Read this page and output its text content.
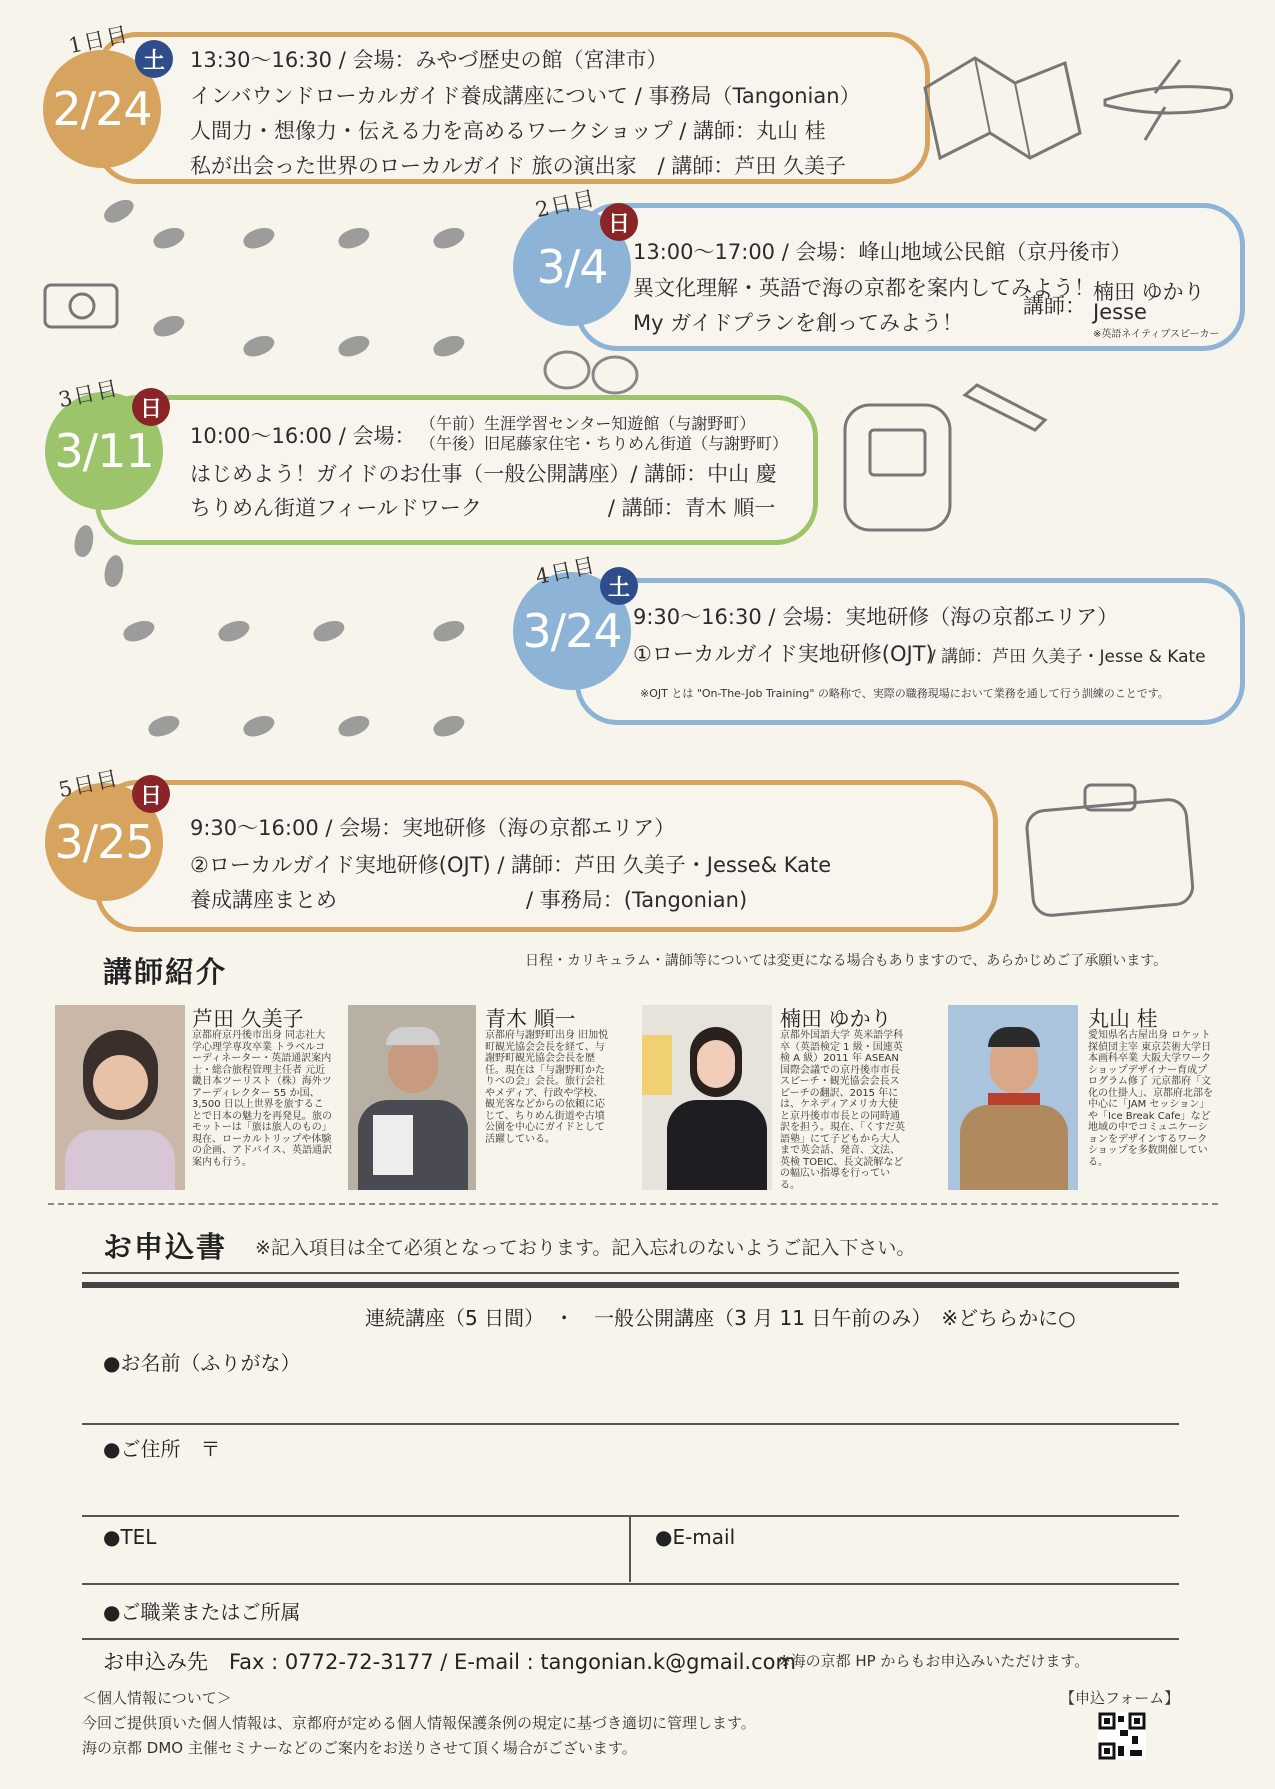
2/24
土
1日目
13:30〜16:30 / 会場：みやづ歴史の館（宮津市）
インバウンドローカルガイド養成講座について / 事務局（Tangonian）
人間力・想像力・伝える力を高めるワークショップ / 講師：丸山 桂
私が出会った世界のローカルガイド 旅の演出家　/ 講師：芦田 久美子
3/4
日
2日目
13:00〜17:00 / 会場：峰山地域公民館（京丹後市）
異文化理解・英語で海の京都を案内してみよう！
My ガイドプランを創ってみよう！
講師：
楠田 ゆかり
Jesse
※英語ネイティブスピーカー
3/11
日
3日目
10:00〜16:00 / 会場：
（午前）生涯学習センター知遊館（与謝野町）
（午後）旧尾藤家住宅・ちりめん街道（与謝野町）
はじめよう！ガイドのお仕事（一般公開講座）/ 講師：中山 慶
ちりめん街道フィールドワーク　　　　　　/ 講師：青木 順一
3/24
土
4日目
9:30〜16:30 / 会場：実地研修（海の京都エリア）
①ローカルガイド実地研修(OJT)
/ 講師：芦田 久美子・Jesse & Kate
※OJT とは "On-The-Job Training" の略称で、実際の職務現場において業務を通して行う訓練のことです。
3/25
日
5日目
9:30〜16:00 / 会場：実地研修（海の京都エリア）
②ローカルガイド実地研修(OJT) / 講師：芦田 久美子・Jesse& Kate
養成講座まとめ　　　　　　　　　/ 事務局：(Tangonian)
日程・カリキュラム・講師等については変更になる場合もありますので、あらかじめご了承願います。
講師紹介
芦田 久美子
京都府京丹後市出身 同志社大学心理学専攻卒業 トラベルコーディネーター・英語通訳案内士・総合旅程管理主任者 元近畿日本ツーリスト（株）海外ツアーディレクター 55 か国、3,500 日以上世界を旅することで日本の魅力を再発見。旅のモットーは「旅は旅人のもの」現在、ローカルトリップや体験の企画、アドバイス、英語通訳案内も行う。
青木 順一
京都府与謝野町出身 旧加悦町観光協会会長を経て、与謝野町観光協会会長を歴任。現在は「与謝野町かたりべの会」会長。旅行会社やメディア、行政や学校、観光客などからの依頼に応じて、ちりめん街道や古墳公園を中心にガイドとして活躍している。
楠田 ゆかり
京都外国語大学 英米語学科卒（英語検定 1 級・国連英検 A 級）2011 年 ASEAN 国際会議での京丹後市市長スピーチ・観光協会会長スピーチの翻訳、2015 年には、ケネディアメリカ大使と京丹後市市長との同時通訳を担う。現在、「くすだ英語塾」にて子どもから大人まで英会話、発音、文法、英検 TOEIC、長文読解などの幅広い指導を行っている。
丸山 桂
愛知県名古屋出身 ロケット探偵団主宰 東京芸術大学日本画科卒業 大阪大学ワークショップデザイナー育成プログラム修了 元京都府「文化の仕掛人」、京都府北部を中心に「JAM セッション」や「Ice Break Cafe」など地域の中でコミュニケーションをデザインするワークショップを多数開催している。
お申込書 ※記入項目は全て必須となっております。記入忘れのないようご記入下さい。
連続講座（5 日間）　・　一般公開講座（3 月 11 日午前のみ）　※どちらかに○
●お名前（ふりがな）
●ご住所　〒
●TEL	●E-mail
●ご職業またはご所属
お申込み先　Fax : 0772-72-3177 / E-mail : tangonian.k@gmail.com
※海の京都 HP からもお申込みいただけます。
＜個人情報について＞
今回ご提供頂いた個人情報は、京都府が定める個人情報保護条例の規定に基づき適切に管理します。
海の京都 DMO 主催セミナーなどのご案内をお送りさせて頂く場合がございます。
【申込フォーム】
